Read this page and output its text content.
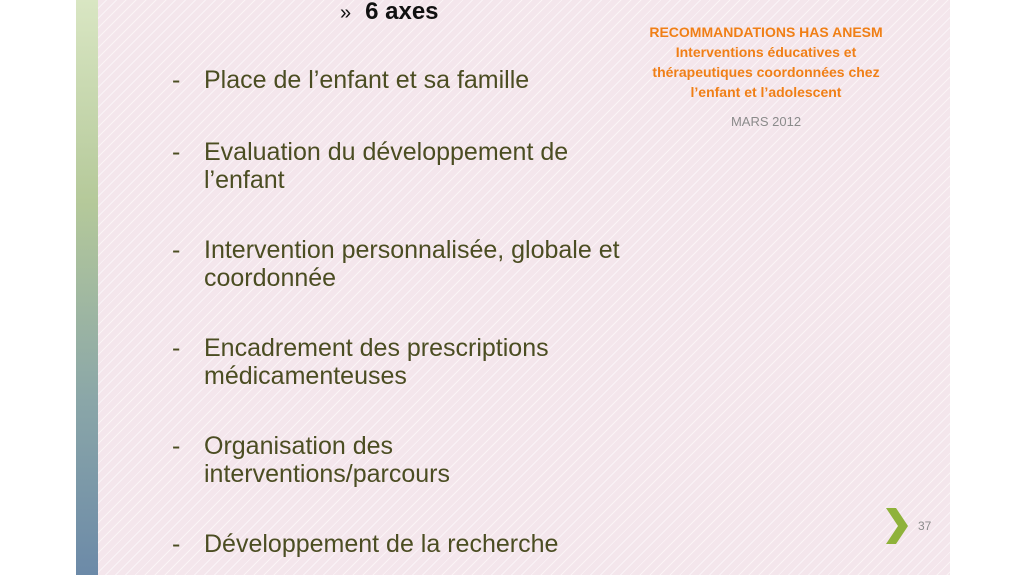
» 6 axes
- Place de l’enfant et sa famille
- Evaluation du développement de l’enfant
- Intervention personnalisée, globale et coordonnée
- Encadrement des prescriptions médicamenteuses
- Organisation des interventions/parcours
- Développement de la recherche
RECOMMANDATIONS HAS ANESM
Interventions éducatives et
thérapeutiques coordonnées chez
l’enfant et l’adolescent
MARS 2012
37
